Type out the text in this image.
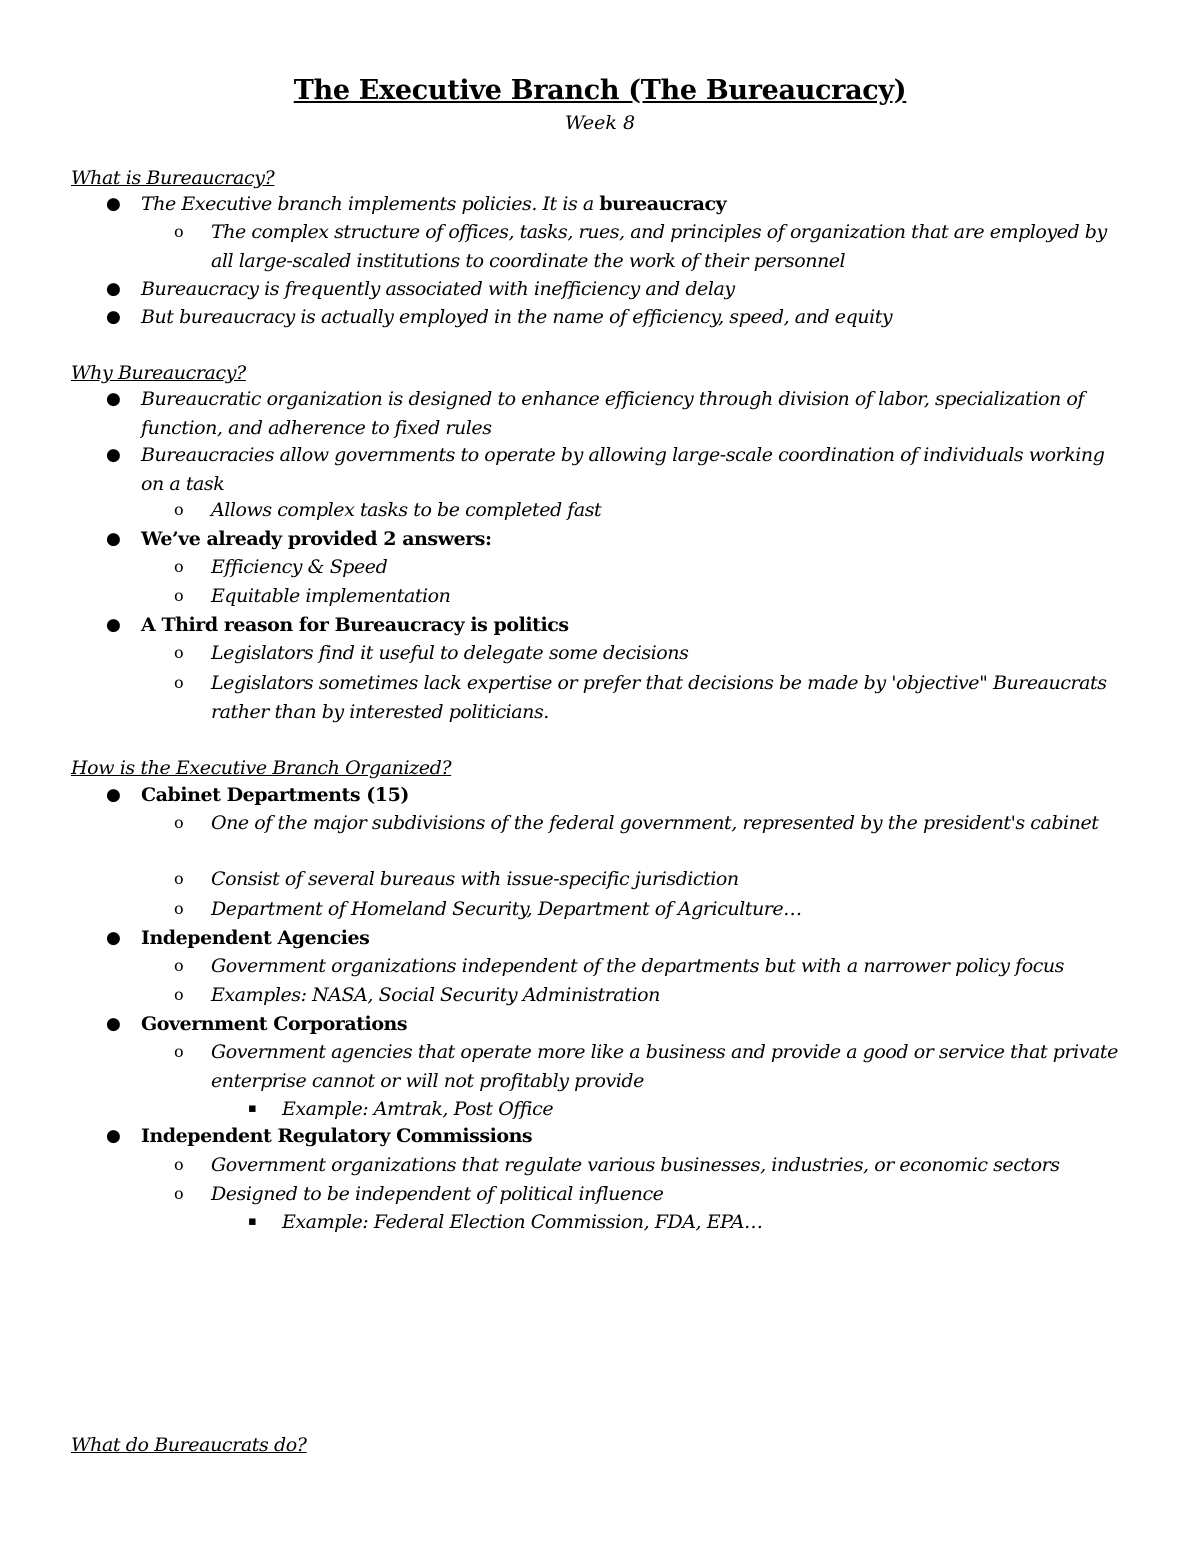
The Executive Branch (The Bureaucracy)
Week 8
What is Bureaucracy?
● The Executive branch implements policies. It is a bureaucracy
o The complex structure of offices, tasks, rues, and principles of organization that are employed by all large-scaled institutions to coordinate the work of their personnel
● Bureaucracy is frequently associated with inefficiency and delay
● But bureaucracy is actually employed in the name of efficiency, speed, and equity
Why Bureaucracy?
● Bureaucratic organization is designed to enhance efficiency through division of labor, specialization of function, and adherence to fixed rules
● Bureaucracies allow governments to operate by allowing large-scale coordination of individuals working on a task
o Allows complex tasks to be completed fast
● We’ve already provided 2 answers:
o Efficiency & Speed
o Equitable implementation
● A Third reason for Bureaucracy is politics
o Legislators find it useful to delegate some decisions
o Legislators sometimes lack expertise or prefer that decisions be made by 'objective" Bureaucrats rather than by interested politicians.
How is the Executive Branch Organized?
● Cabinet Departments (15)
o One of the major subdivisions of the federal government, represented by the president's cabinet
o Consist of several bureaus with issue-specific jurisdiction
o Department of Homeland Security, Department of Agriculture…
● Independent Agencies
o Government organizations independent of the departments but with a narrower policy focus
o Examples: NASA, Social Security Administration
● Government Corporations
o Government agencies that operate more like a business and provide a good or service that private enterprise cannot or will not profitably provide
▪ Example: Amtrak, Post Office
● Independent Regulatory Commissions
o Government organizations that regulate various businesses, industries, or economic sectors
o Designed to be independent of political influence
▪ Example: Federal Election Commission, FDA, EPA…
What do Bureaucrats do?
